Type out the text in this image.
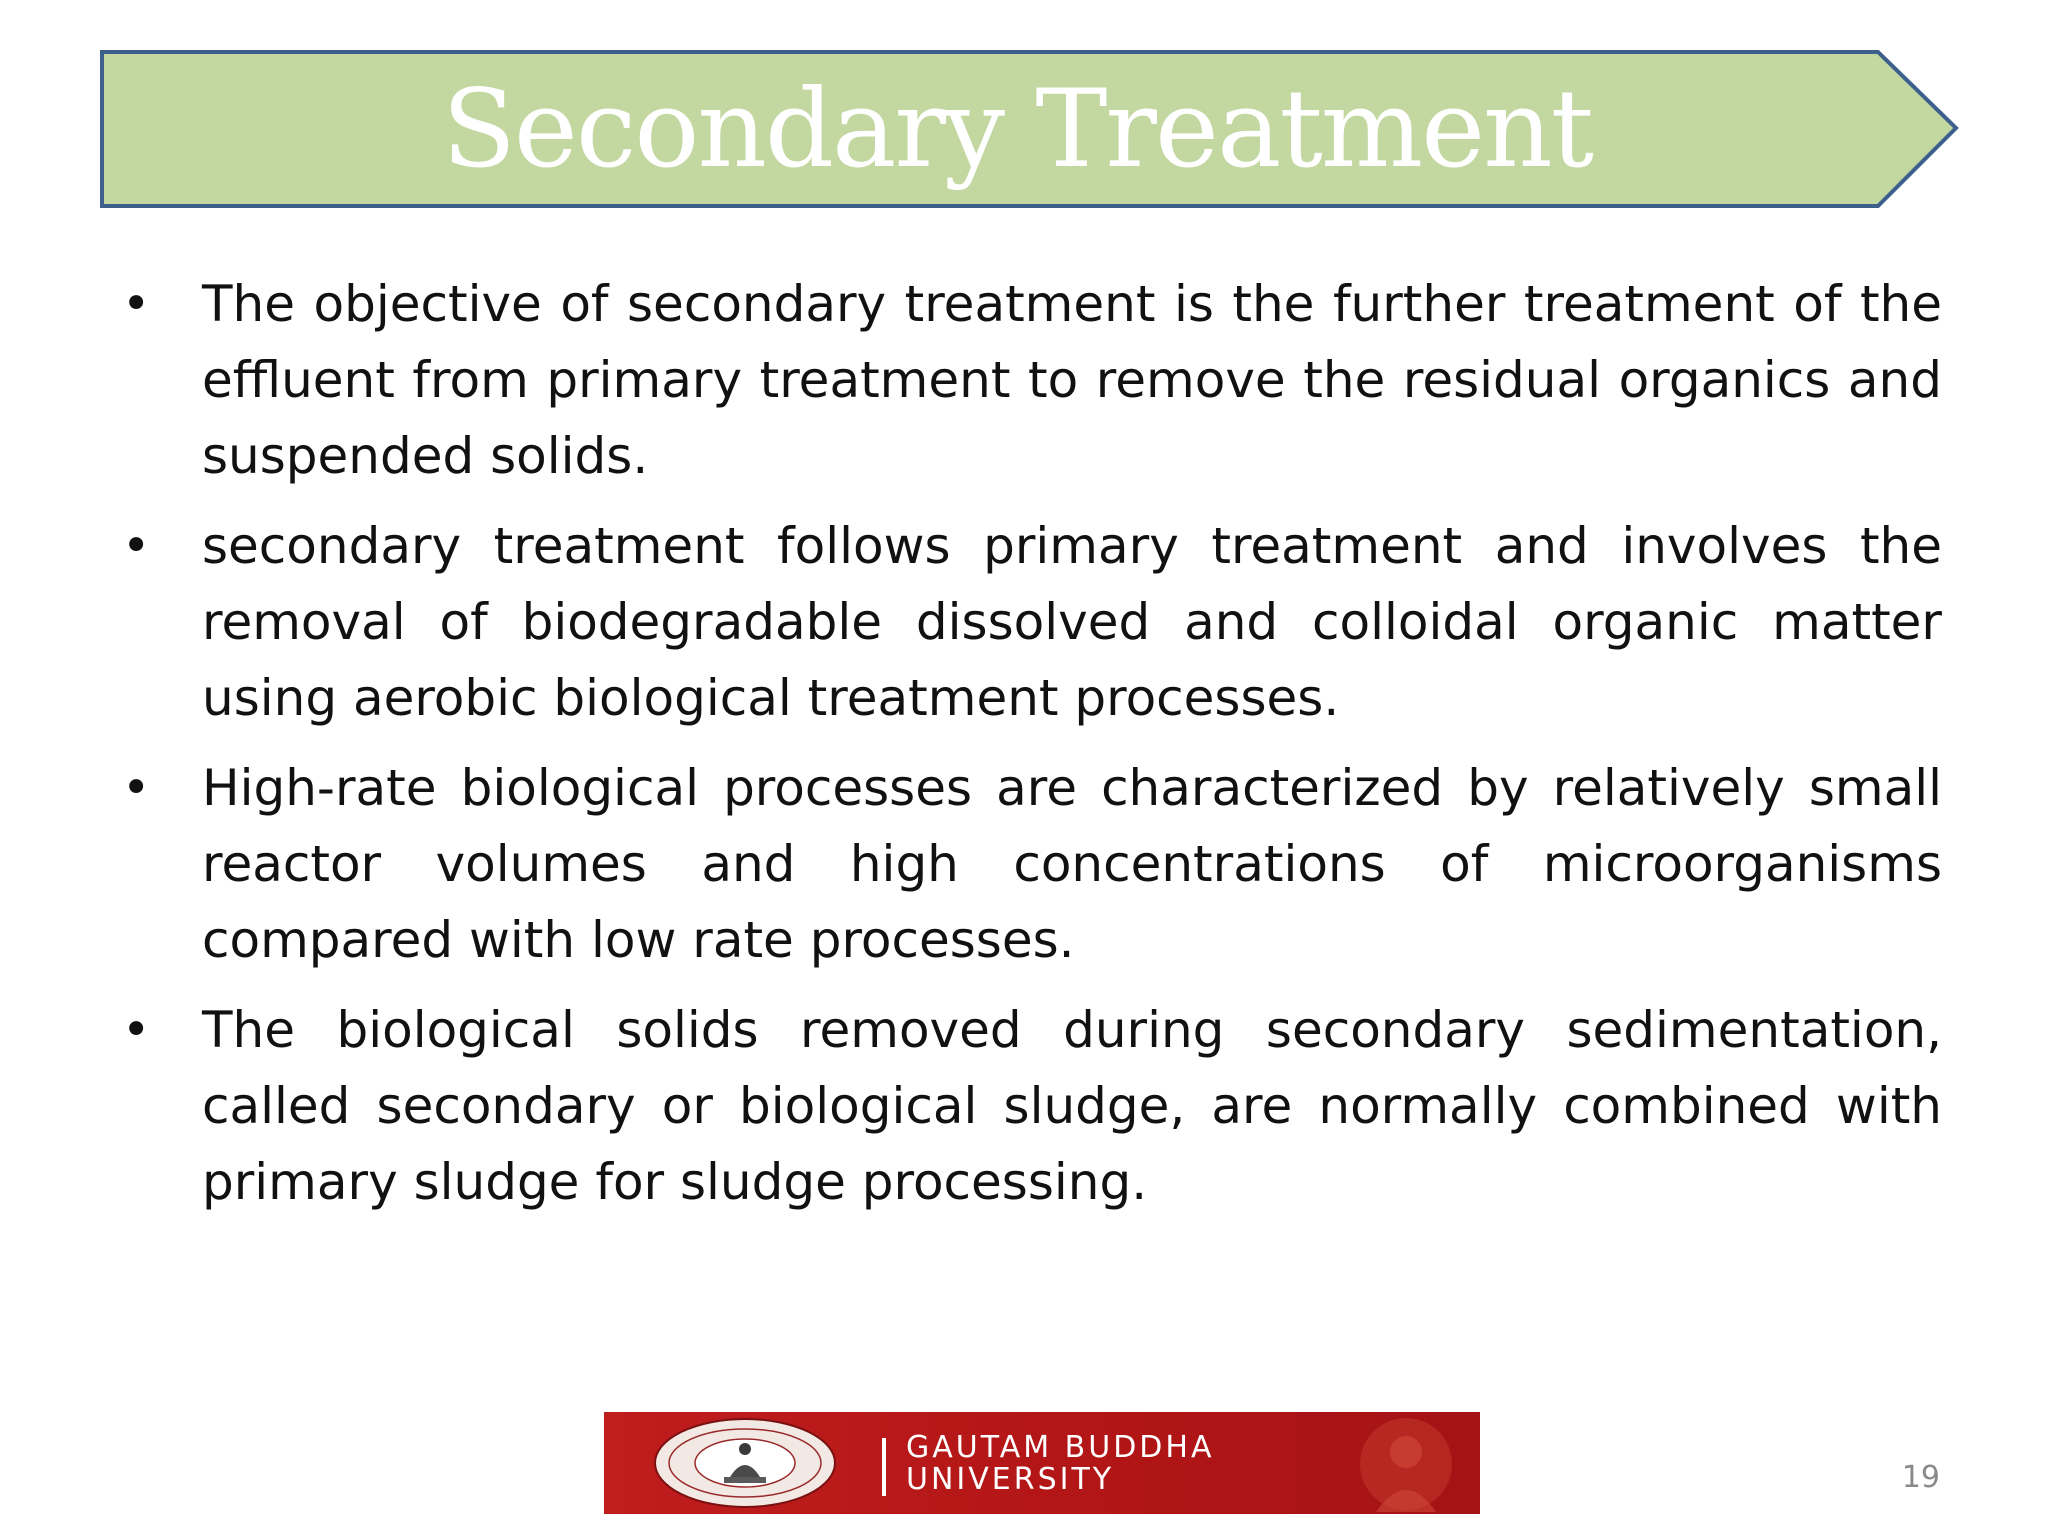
Secondary Treatment
• The objective of secondary treatment is the further treatment of the effluent from primary treatment to remove the residual organics and suspended solids.
• secondary treatment follows primary treatment and involves the removal of biodegradable dissolved and colloidal organic matter using aerobic biological treatment processes.
• High-rate biological processes are characterized by relatively small reactor volumes and high concentrations of microorganisms compared with low rate processes.
• The biological solids removed during secondary sedimentation, called secondary or biological sludge, are normally combined with primary sludge for sludge processing.
GAUTAM BUDDHA
UNIVERSITY	19
